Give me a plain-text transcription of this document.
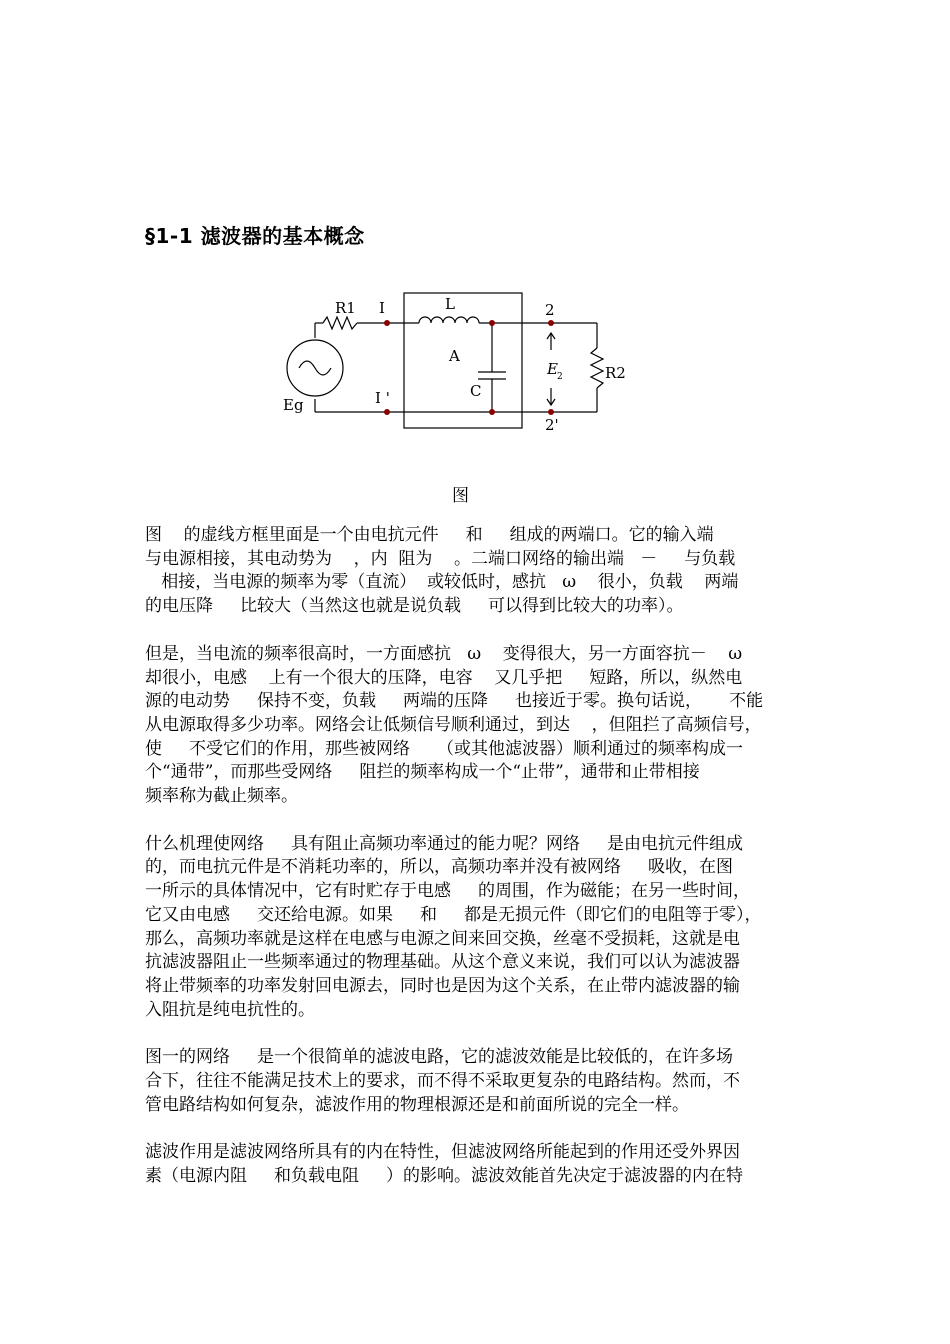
§1-1 滤波器的基本概念
R1 I
I '
L
A
C
Eg
2
2'
R2
E 2
图

图    的虚线方框里面是一个由电抗元件     和     组成的两端口。它的输入端
与电源相接，其电动势为    ，内  阻为    。二端口网络的输出端   －     与负载
相接，当电源的频率为零（直流）  或较低时，感抗   ω    很小，负载    两端
的电压降     比较大（当然这也就是说负载     可以得到比较大的功率）。

但是，当电流的频率很高时，一方面感抗   ω    变得很大，另一方面容抗－    ω
却很小，电感    上有一个很大的压降，电容    又几乎把     短路，所以，纵然电
源的电动势     保持不变，负载     两端的压降     也接近于零。换句话说，     不能
从电源取得多少功率。网络会让低频信号顺利通过，到达    ，但阻拦了高频信号，
使     不受它们的作用，那些被网络     （或其他滤波器）顺利通过的频率构成一
个“通带”，而那些受网络     阻拦的频率构成一个“止带”，通带和止带相接
频率称为截止频率。

什么机理使网络     具有阻止高频功率通过的能力呢？网络     是由电抗元件组成
的，而电抗元件是不消耗功率的，所以，高频功率并没有被网络     吸收，在图
一所示的具体情况中，它有时贮存于电感     的周围，作为磁能；在另一些时间，
它又由电感     交还给电源。如果     和     都是无损元件（即它们的电阻等于零），
那么，高频功率就是这样在电感与电源之间来回交换，丝毫不受损耗，这就是电
抗滤波器阻止一些频率通过的物理基础。从这个意义来说，我们可以认为滤波器
将止带频率的功率发射回电源去，同时也是因为这个关系，在止带内滤波器的输
入阻抗是纯电抗性的。

图一的网络     是一个很简单的滤波电路，它的滤波效能是比较低的，在许多场
合下，往往不能满足技术上的要求，而不得不采取更复杂的电路结构。然而，不
管电路结构如何复杂，滤波作用的物理根源还是和前面所说的完全一样。

滤波作用是滤波网络所具有的内在特性，但滤波网络所能起到的作用还受外界因
素（电源内阻     和负载电阻     ）的影响。滤波效能首先决定于滤波器的内在特
